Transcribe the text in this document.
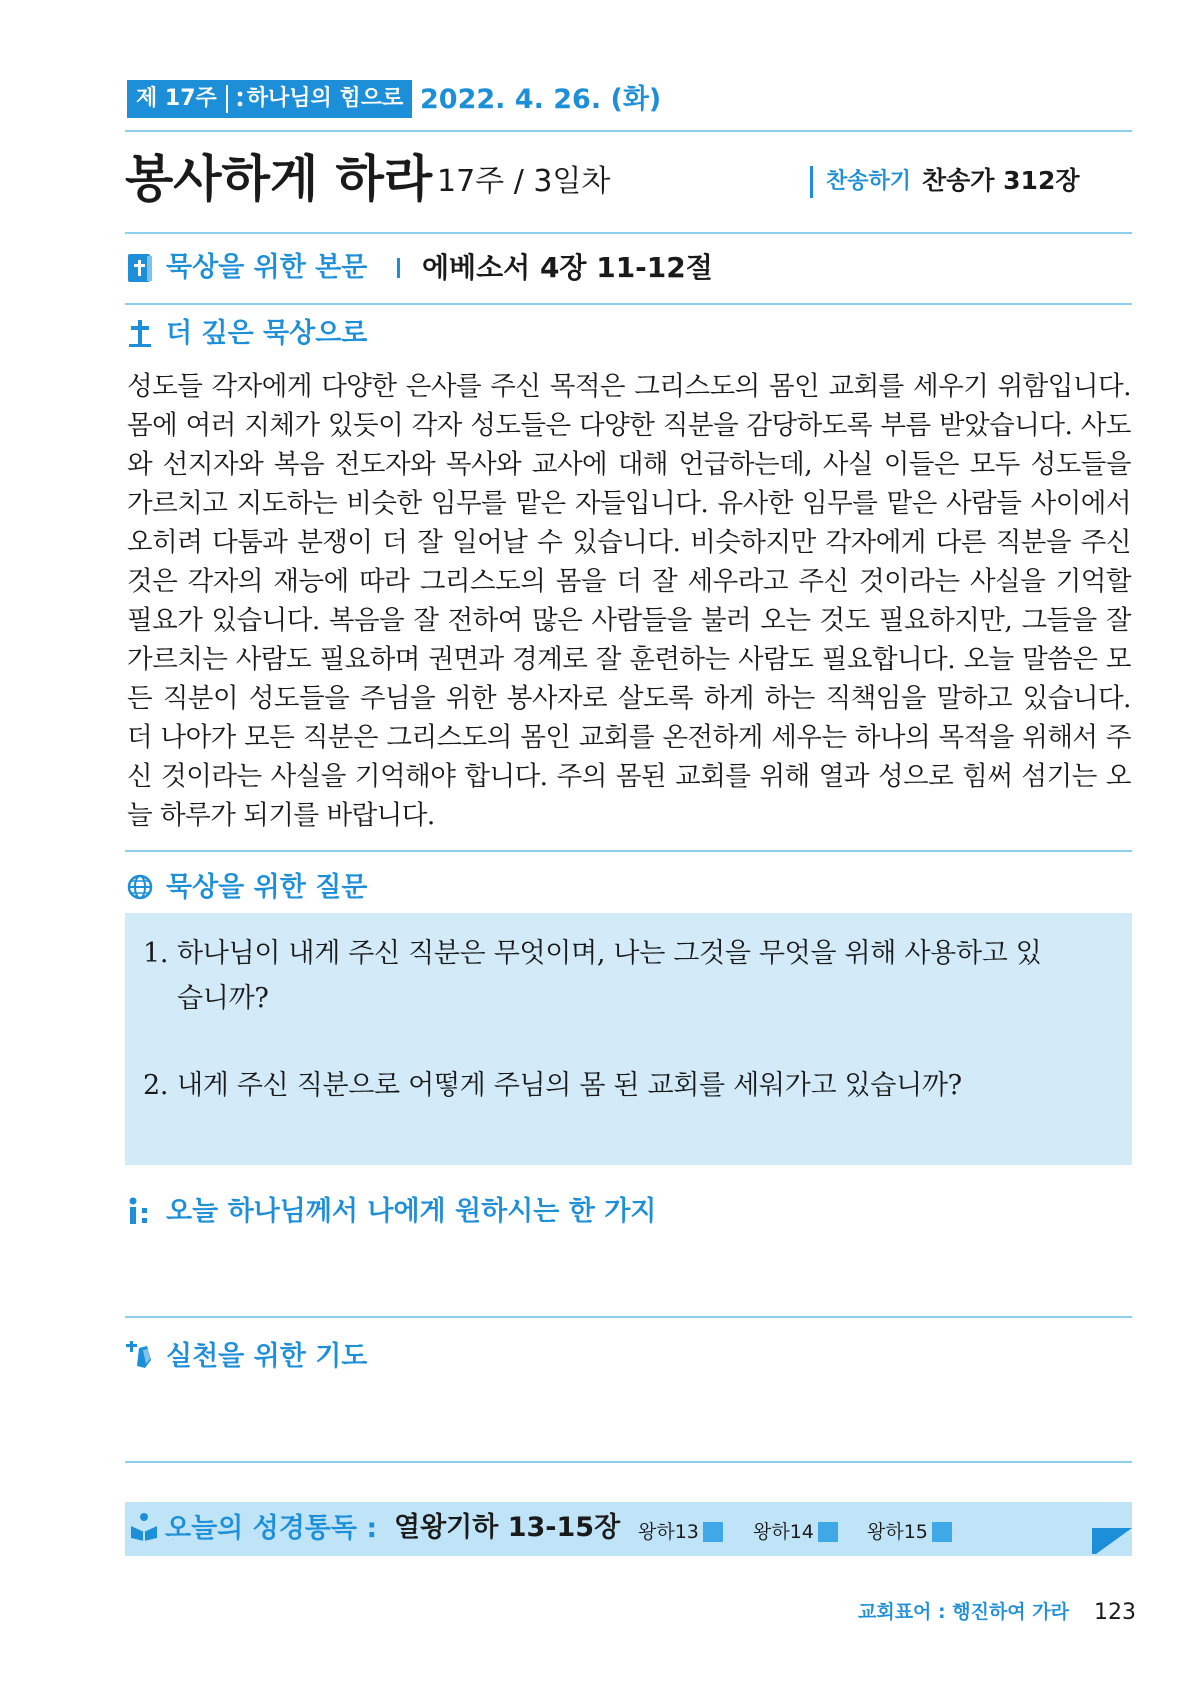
제 17주	하나님의 힘으로 2022. 4. 26. (화)
봉사하게 하라 17주 / 3일차	찬송하기 찬송가 312장
묵상을 위한 본문 에베소서 4장 11-12절
더 깊은 묵상으로
성도들 각자에게 다양한 은사를 주신 목적은 그리스도의 몸인 교회를 세우기 위함입니다. 몸에 여러 지체가 있듯이 각자 성도들은 다양한 직분을 감당하도록 부름 받았습니다. 사도와 선지자와 복음 전도자와 목사와 교사에 대해 언급하는데, 사실 이들은 모두 성도들을 가르치고 지도하는 비슷한 임무를 맡은 자들입니다. 유사한 임무를 맡은 사람들 사이에서 오히려 다툼과 분쟁이 더 잘 일어날 수 있습니다. 비슷하지만 각자에게 다른 직분을 주신 것은 각자의 재능에 따라 그리스도의 몸을 더 잘 세우라고 주신 것이라는 사실을 기억할 필요가 있습니다. 복음을 잘 전하여 많은 사람들을 불러 오는 것도 필요하지만, 그들을 잘 가르치는 사람도 필요하며 권면과 경계로 잘 훈련하는 사람도 필요합니다. 오늘 말씀은 모든 직분이 성도들을 주님을 위한 봉사자로 살도록 하게 하는 직책임을 말하고 있습니다. 더 나아가 모든 직분은 그리스도의 몸인 교회를 온전하게 세우는 하나의 목적을 위해서 주신 것이라는 사실을 기억해야 합니다. 주의 몸된 교회를 위해 열과 성으로 힘써 섬기는 오늘 하루가 되기를 바랍니다.
묵상을 위한 질문
1. 하나님이 내게 주신 직분은 무엇이며, 나는 그것을 무엇을 위해 사용하고 있
습니까?
2. 내게 주신 직분으로 어떻게 주님의 몸 된 교회를 세워가고 있습니까?
오늘 하나님께서 나에게 원하시는 한 가지
실천을 위한 기도
오늘의 성경통독 : 열왕기하 13-15장 왕하13	왕하14	왕하15
교회표어 : 행진하여 가라 123
